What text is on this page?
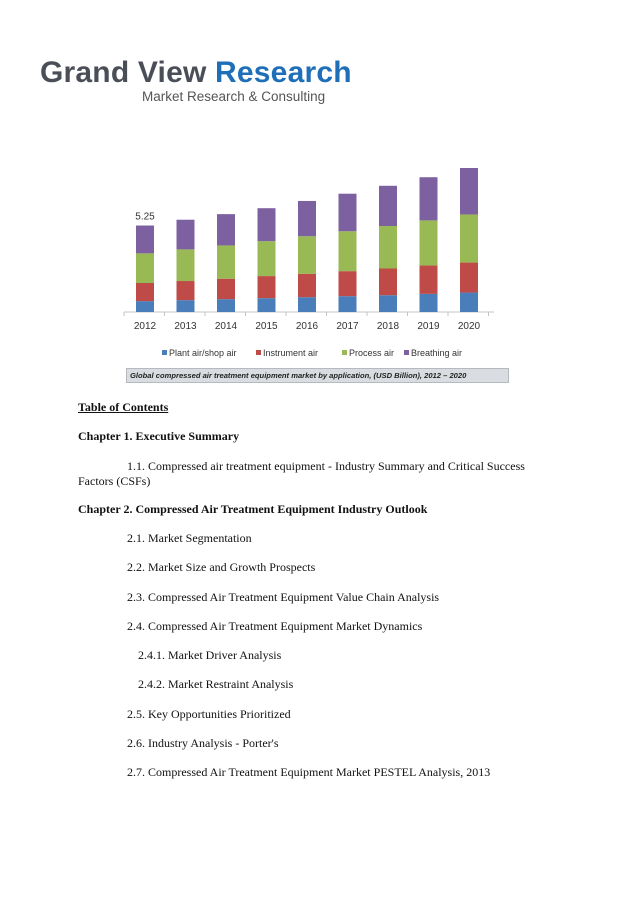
Grand View Research
Market Research & Consulting
2012 2013 2014 2015 2016 2017 2018 2019 2020
5.25
Plant air/shop air	Instrument air	Process air Breathing air
Global compressed air treatment equipment market by application, (USD Billion), 2012 – 2020
Table of Contents
Chapter 1. Executive Summary
1.1. Compressed air treatment equipment - Industry Summary and Critical Success
Factors (CSFs)
Chapter 2. Compressed Air Treatment Equipment Industry Outlook
2.1. Market Segmentation
2.2. Market Size and Growth Prospects
2.3. Compressed Air Treatment Equipment Value Chain Analysis
2.4. Compressed Air Treatment Equipment Market Dynamics
2.4.1. Market Driver Analysis
2.4.2. Market Restraint Analysis
2.5. Key Opportunities Prioritized
2.6. Industry Analysis - Porter's
2.7. Compressed Air Treatment Equipment Market PESTEL Analysis, 2013
